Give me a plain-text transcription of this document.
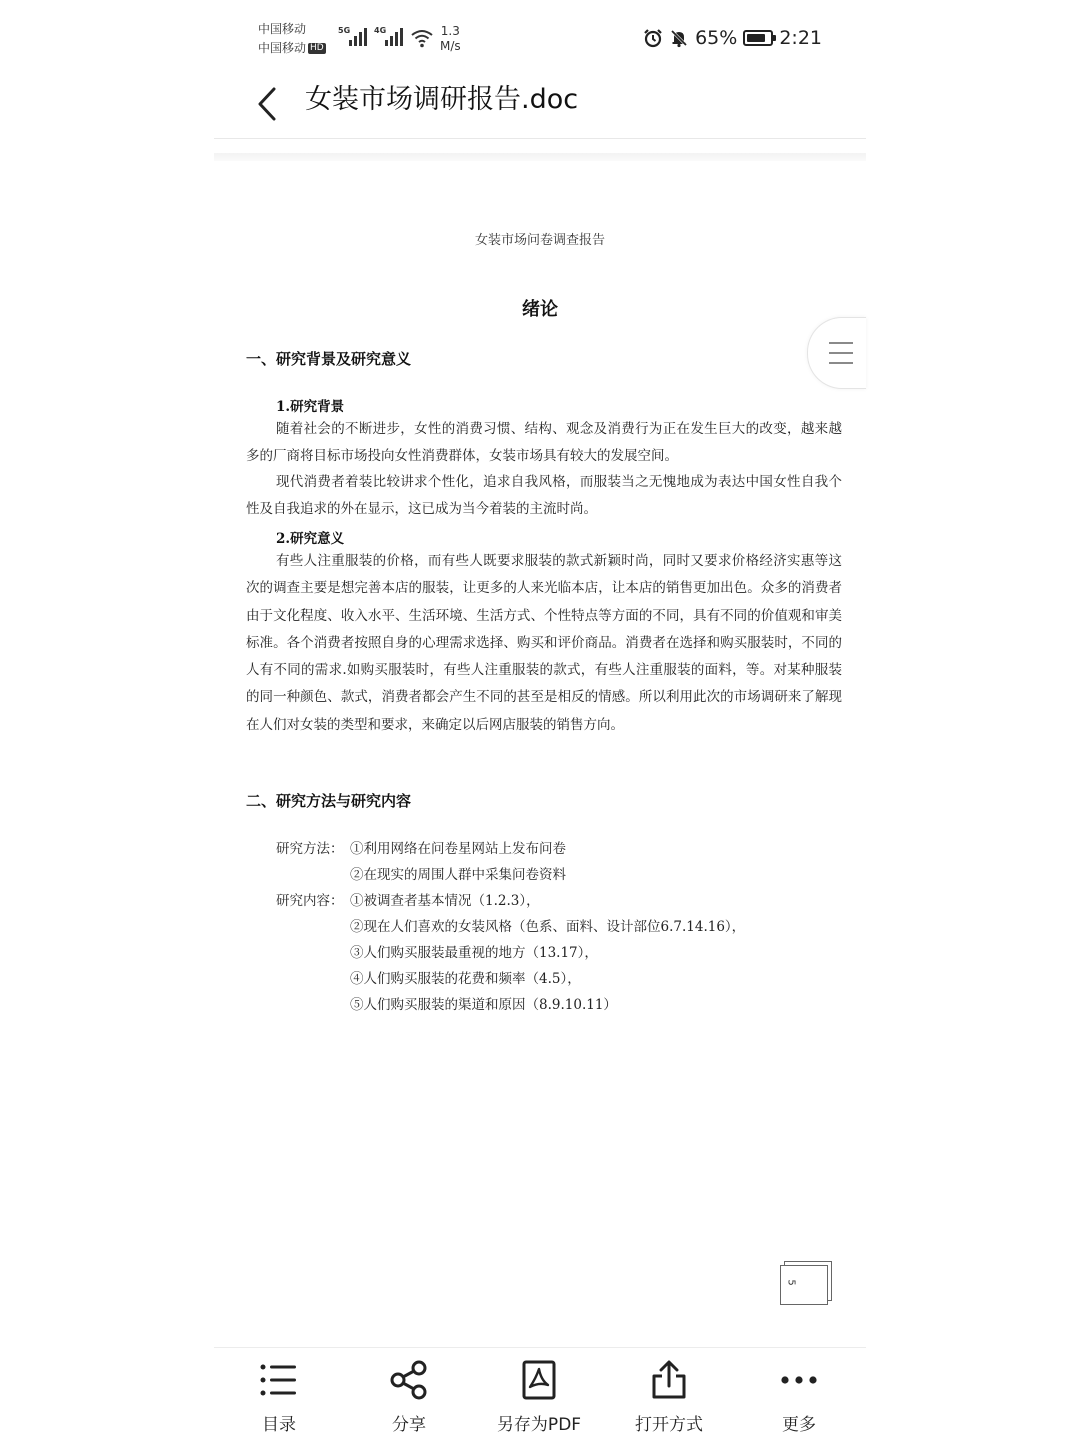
中国移动
中国移动 HD
5G	4G	1.3
M/s	65% 2:21
女装市场调研报告.doc
女装市场问卷调查报告
绪论
一、研究背景及研究意义
1.研究背景
随着社会的不断进步，女性的消费习惯、结构、观念及消费行为正在发生巨大的改变，越来越多的厂商将目标市场投向女性消费群体，女装市场具有较大的发展空间。
现代消费者着装比较讲求个性化，追求自我风格，而服装当之无愧地成为表达中国女性自我个性及自我追求的外在显示，这已成为当今着装的主流时尚。
2.研究意义
有些人注重服装的价格，而有些人既要求服装的款式新颖时尚，同时又要求价格经济实惠等这次的调查主要是想完善本店的服装，让更多的人来光临本店，让本店的销售更加出色。众多的消费者由于文化程度、收入水平、生活环境、生活方式、个性特点等方面的不同，具有不同的价值观和审美标准。各个消费者按照自身的心理需求选择、购买和评价商品。消费者在选择和购买服装时，不同的人有不同的需求.如购买服装时，有些人注重服装的款式，有些人注重服装的面料，等。对某种服装的同一种颜色、款式，消费者都会产生不同的甚至是相反的情感。所以利用此次的市场调研来了解现在人们对女装的类型和要求，来确定以后网店服装的销售方向。
二、研究方法与研究内容
研究方法： ①利用网络在问卷星网站上发布问卷
②在现实的周围人群中采集问卷资料
研究内容： ①被调查者基本情况（1.2.3），
②现在人们喜欢的女装风格（色系、面料、设计部位6.7.14.16），
③人们购买服装最重视的地方（13.17），
④人们购买服装的花费和频率（4.5），
⑤人们购买服装的渠道和原因（8.9.10.11）
5
目录	分享	另存为PDF	打开方式	更多
